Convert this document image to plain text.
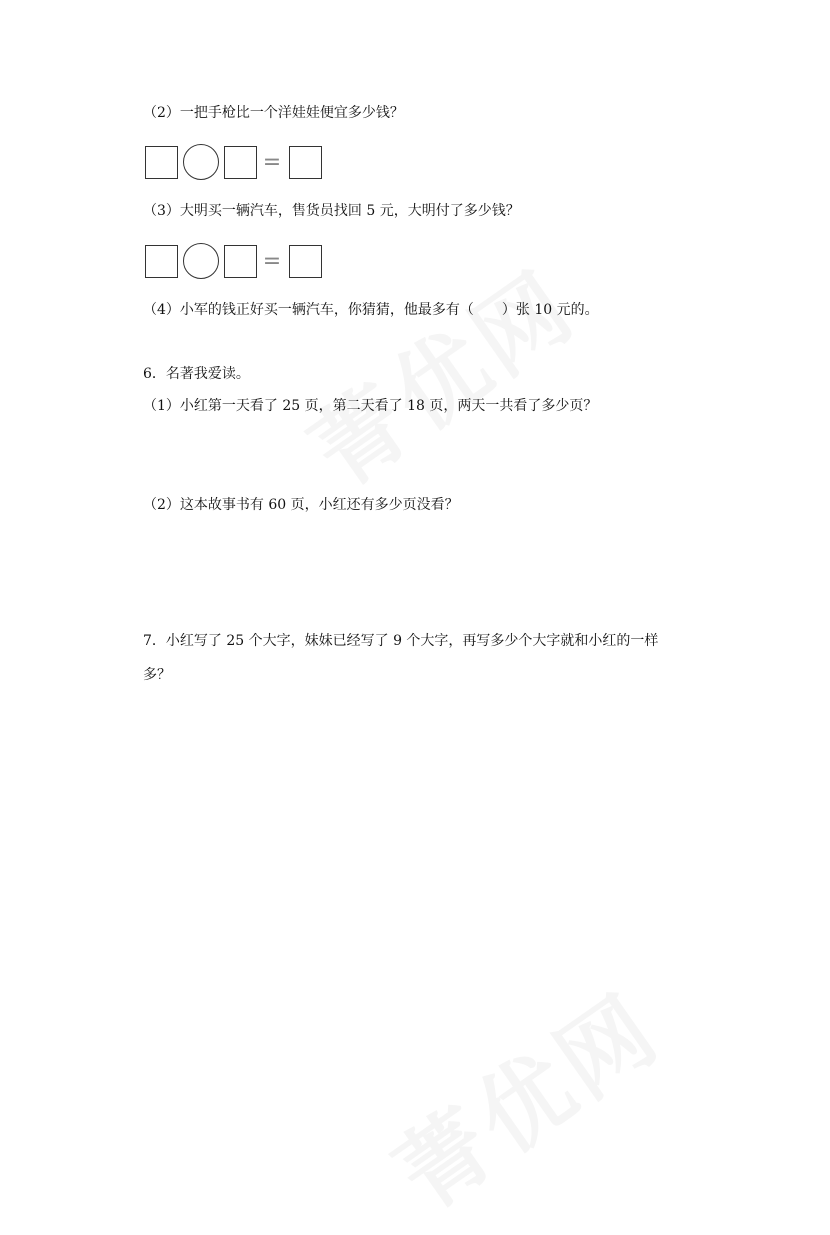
（2）一把手枪比一个洋娃娃便宜多少钱？
=
（3）大明买一辆汽车，售货员找回 5 元，大明付了多少钱？
=
（4）小军的钱正好买一辆汽车，你猜猜，他最多有（　　）张 10 元的。
6．名著我爱读。
（1）小红第一天看了 25 页，第二天看了 18 页，两天一共看了多少页？
（2）这本故事书有 60 页，小红还有多少页没看？
7．小红写了 25 个大字，妹妹已经写了 9 个大字，再写多少个大字就和小红的一样多？
